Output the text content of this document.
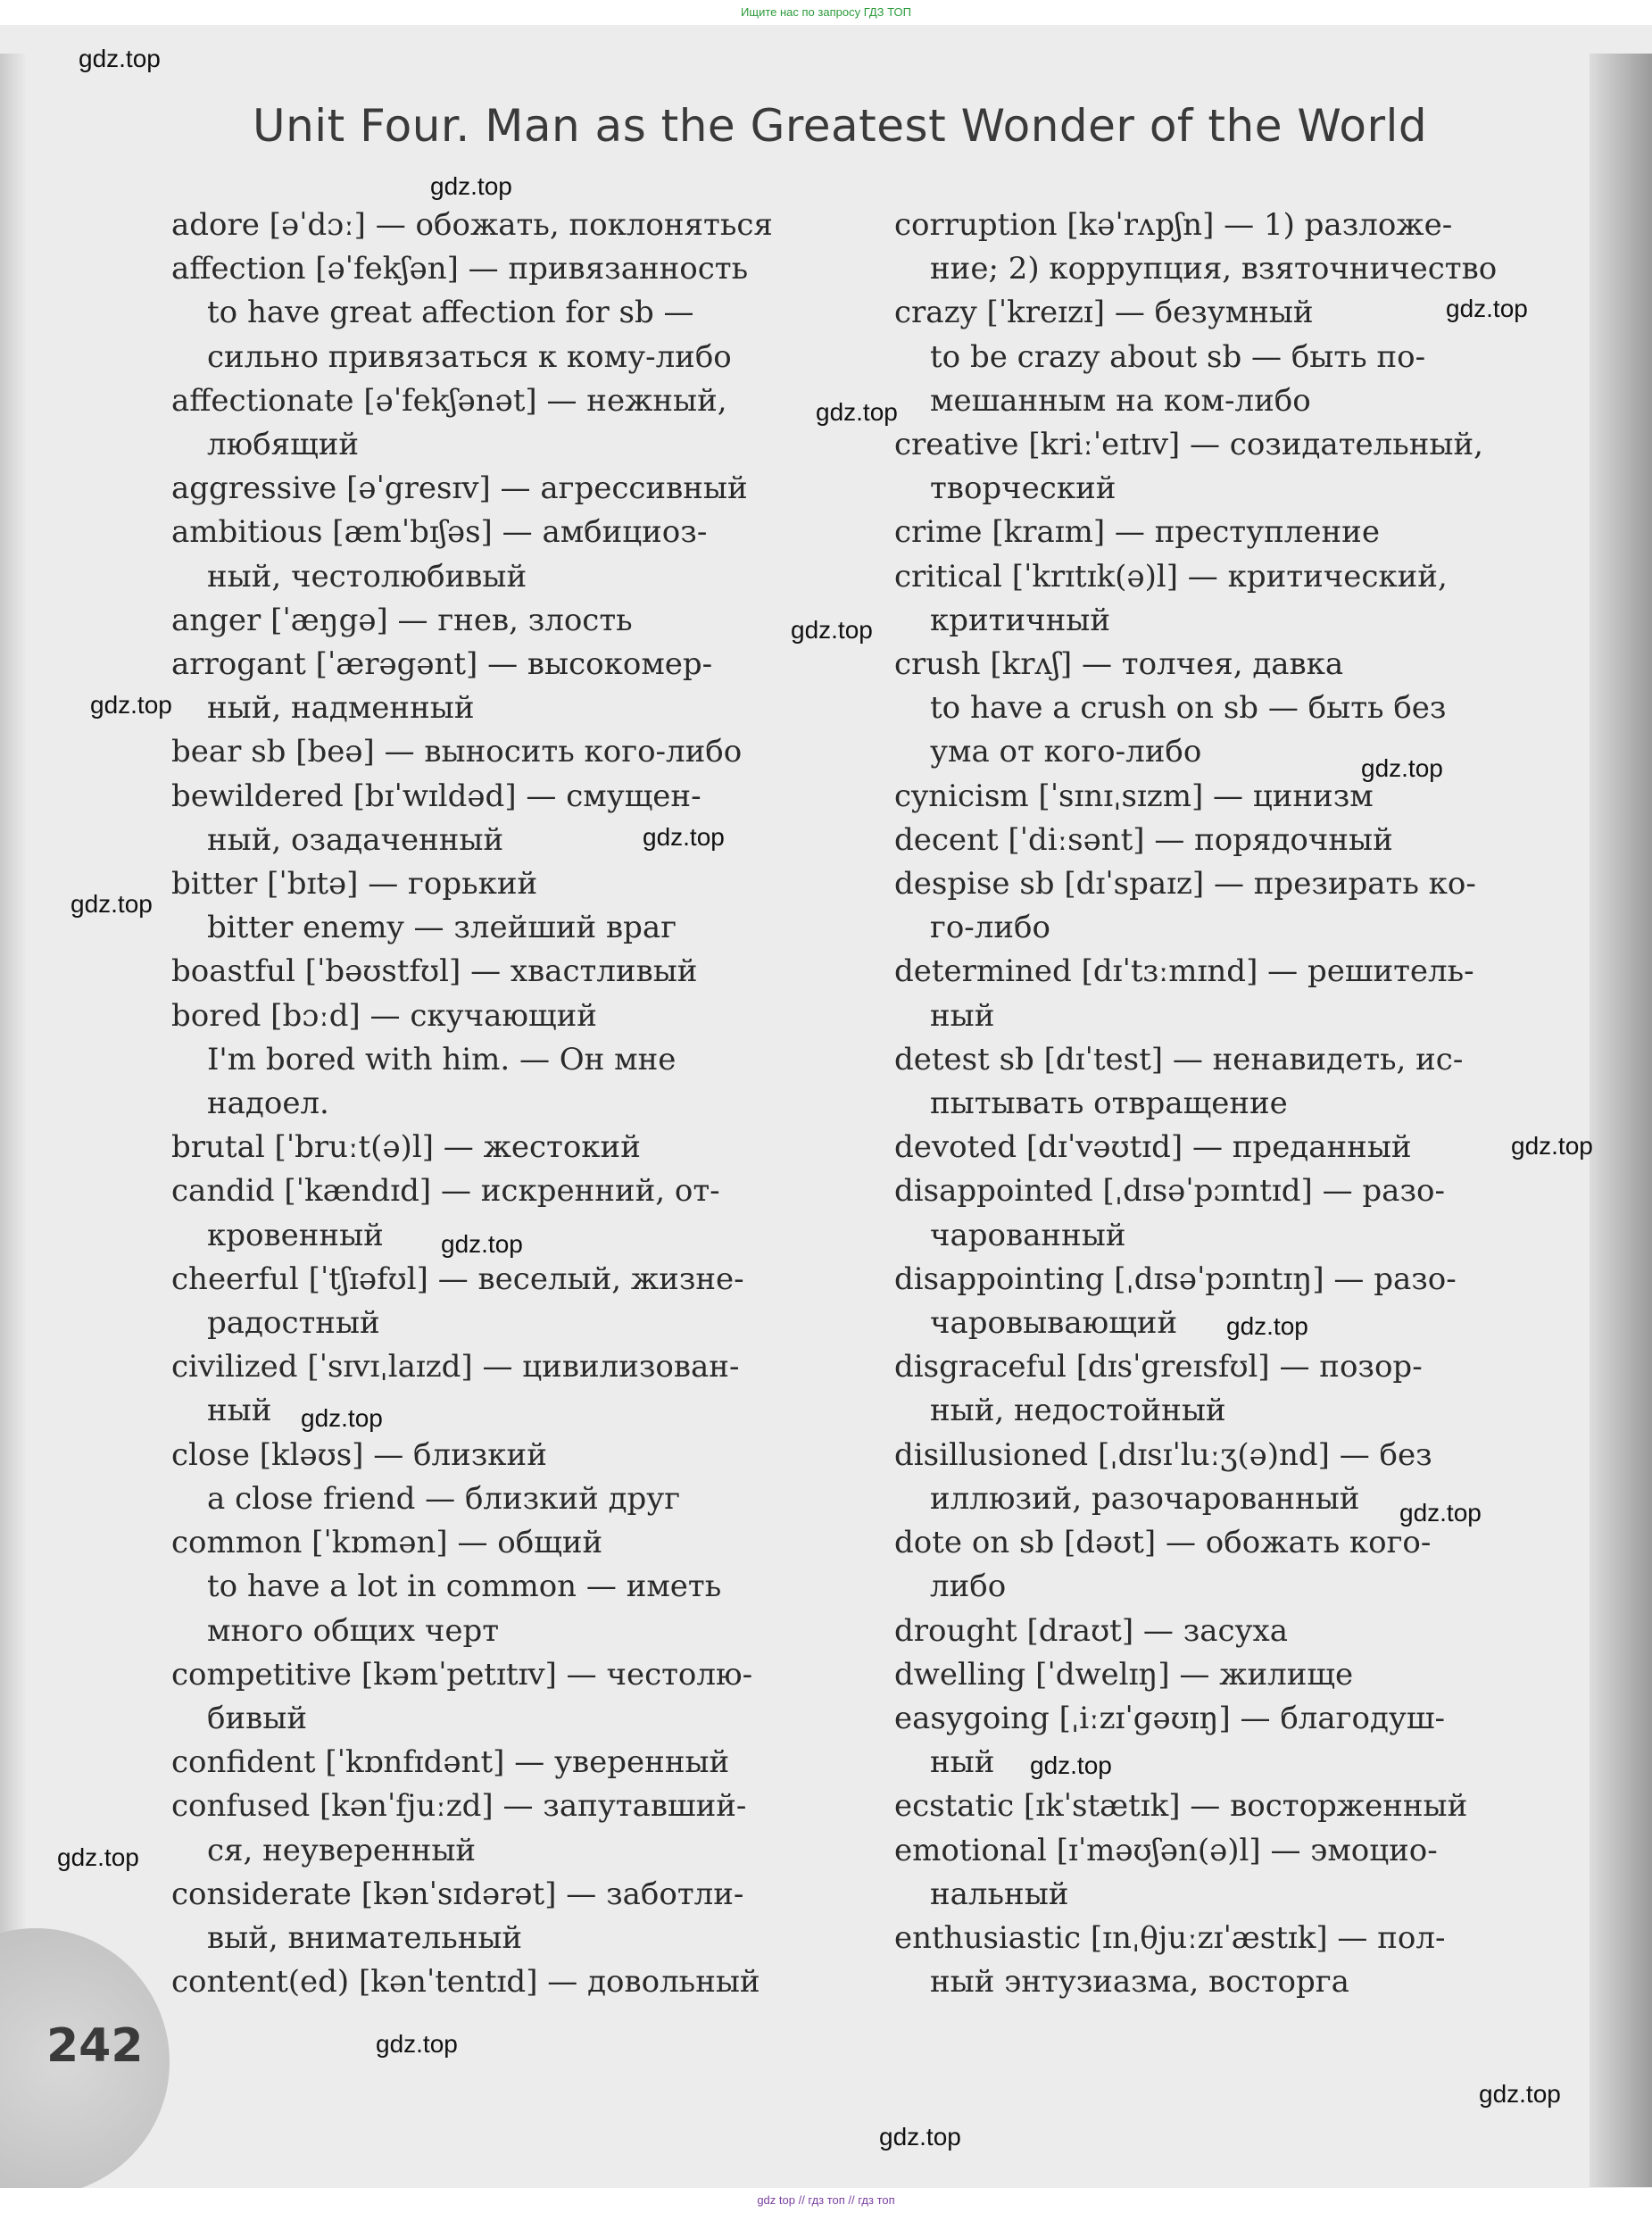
Ищите нас по запросу ГДЗ ТОП
Unit Four. Man as the Greatest Wonder of the World
adore [əˈdɔː] — обожать, поклоняться
affection [əˈfekʃən] — привязанность
to have great affection for sb —
сильно привязаться к кому-либо
affectionate [əˈfekʃənət] — нежный,
любящий
aggressive [əˈgresɪv] — агрессивный
ambitious [æmˈbɪʃəs] — амбициоз-
ный, честолюбивый
anger [ˈæŋgə] — гнев, злость
arrogant [ˈærəgənt] — высокомер-
ный, надменный
bear sb [beə] — выносить кого-либо
bewildered [bɪˈwɪldəd] — смущен-
ный, озадаченный
bitter [ˈbɪtə] — горький
bitter enemy — злейший враг
boastful [ˈbəʊstfʊl] — хвастливый
bored [bɔːd] — скучающий
I'm bored with him. — Он мне
надоел.
brutal [ˈbruːt(ə)l] — жестокий
candid [ˈkændɪd] — искренний, от-
кровенный
cheerful [ˈtʃɪəfʊl] — веселый, жизне-
радостный
civilized [ˈsɪvɪˌlaɪzd] — цивилизован-
ный
close [kləʊs] — близкий
a close friend — близкий друг
common [ˈkɒmən] — общий
to have a lot in common — иметь
много общих черт
competitive [kəmˈpetɪtɪv] — честолю-
бивый
confident [ˈkɒnfɪdənt] — уверенный
confused [kənˈfjuːzd] — запутавший-
ся, неуверенный
considerate [kənˈsɪdərət] — заботли-
вый, внимательный
content(ed) [kənˈtentɪd] — довольный
corruption [kəˈrʌpʃn] — 1) разложе-
ние; 2) коррупция, взяточничество
crazy [ˈkreɪzɪ] — безумный
to be crazy about sb — быть по-
мешанным на ком-либо
creative [kriːˈeɪtɪv] — созидательный,
творческий
crime [kraɪm] — преступление
critical [ˈkrɪtɪk(ə)l] — критический,
критичный
crush [krʌʃ] — толчея, давка
to have a crush on sb — быть без
ума от кого-либо
cynicism [ˈsɪnɪˌsɪzm] — цинизм
decent [ˈdiːsənt] — порядочный
despise sb [dɪˈspaɪz] — презирать ко-
го-либо
determined [dɪˈtɜːmɪnd] — решитель-
ный
detest sb [dɪˈtest] — ненавидеть, ис-
пытывать отвращение
devoted [dɪˈvəʊtɪd] — преданный
disappointed [ˌdɪsəˈpɔɪntɪd] — разо-
чарованный
disappointing [ˌdɪsəˈpɔɪntɪŋ] — разо-
чаровывающий
disgraceful [dɪsˈgreɪsfʊl] — позор-
ный, недостойный
disillusioned [ˌdɪsɪˈluːʒ(ə)nd] — без
иллюзий, разочарованный
dote on sb [dəʊt] — обожать кого-
либо
drought [draʊt] — засуха
dwelling [ˈdwelɪŋ] — жилище
easygoing [ˌiːzɪˈgəʊɪŋ] — благодуш-
ный
ecstatic [ɪkˈstætɪk] — восторженный
emotional [ɪˈməʊʃən(ə)l] — эмоцио-
нальный
enthusiastic [ɪnˌθjuːzɪˈæstɪk] — пол-
ный энтузиазма, восторга
242
gdz.top
gdz.top
gdz.top
gdz.top
gdz.top
gdz.top
gdz.top
gdz.top
gdz.top
gdz.top
gdz.top
gdz.top
gdz.top
gdz.top
gdz.top
gdz.top
gdz.top
gdz.top
gdz.top
gdz top // гдз топ // гдз топ
